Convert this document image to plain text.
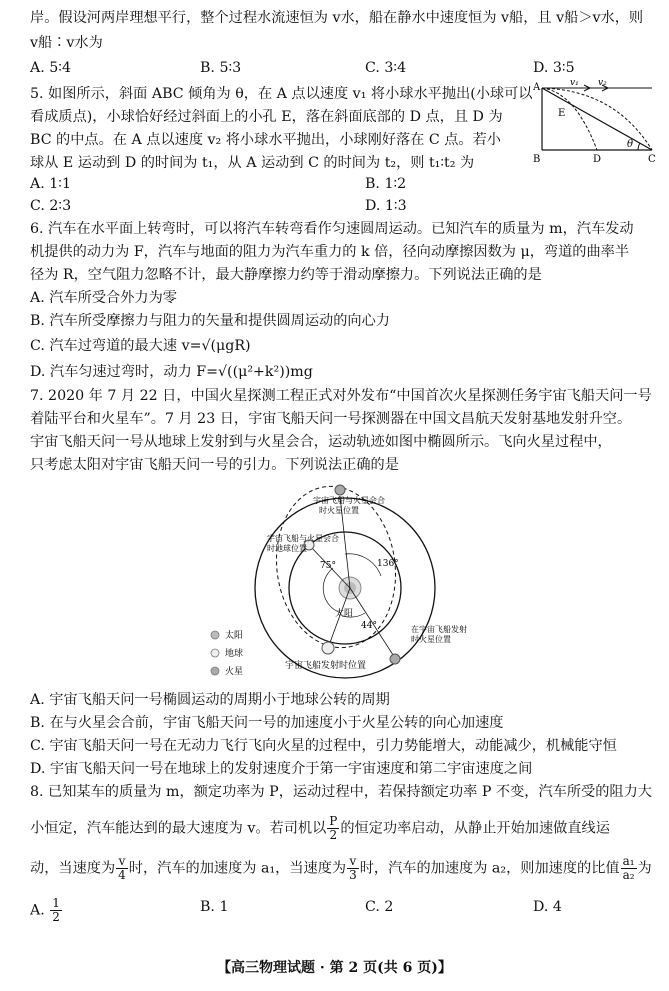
岸。假设河两岸理想平行，整个过程水流速恒为 v水，船在静水中速度恒为 v船，且 v船＞v水，则
v船∶v水为
A. 5∶4	B. 5∶3	C. 3∶4	D. 3∶5
5. 如图所示，斜面 ABC 倾角为 θ，在 A 点以速度 v₁ 将小球水平抛出(小球可以
看成质点)，小球恰好经过斜面上的小孔 E，落在斜面底部的 D 点，且 D 为
BC 的中点。在 A 点以速度 v₂ 将小球水平抛出，小球刚好落在 C 点。若小
球从 E 运动到 D 的时间为 t₁，从 A 运动到 C 的时间为 t₂，则 t₁∶t₂ 为
A. 1∶1	B. 1∶2
C. 2∶3	D. 1∶3
A
B	C
D
E
v₁ v₂
θ
6. 汽车在水平面上转弯时，可以将汽车转弯看作匀速圆周运动。已知汽车的质量为 m，汽车发动
机提供的动力为 F，汽车与地面的阻力为汽车重力的 k 倍，径向动摩擦因数为 μ，弯道的曲率半
径为 R，空气阻力忽略不计，最大静摩擦力约等于滑动摩擦力。下列说法正确的是
A. 汽车所受合外力为零
B. 汽车所受摩擦力与阻力的矢量和提供圆周运动的向心力
C. 汽车过弯道的最大速 v=√(μgR)
D. 汽车匀速过弯时，动力 F=√((μ²+k²))mg
7. 2020 年 7 月 22 日，中国火星探测工程正式对外发布“中国首次火星探测任务宇宙飞船天问一号
着陆平台和火星车”。7 月 23 日，宇宙飞船天问一号探测器在中国文昌航天发射基地发射升空。
宇宙飞船天问一号从地球上发射到与火星会合，运动轨迹如图中椭圆所示。飞向火星过程中，
只考虑太阳对宇宙飞船天问一号的引力。下列说法正确的是
太阳
75°	136°
44°
宇宙飞船与火星会合
时火星位置
宇宙飞船与火星会合
时地球位置
在宇宙飞船发射
时火星位置
宇宙飞船发射时位置
太阳
地球
火星
A. 宇宙飞船天问一号椭圆运动的周期小于地球公转的周期
B. 在与火星会合前，宇宙飞船天问一号的加速度小于火星公转的向心加速度
C. 宇宙飞船天问一号在无动力飞行飞向火星的过程中，引力势能增大，动能减少，机械能守恒
D. 宇宙飞船天问一号在地球上的发射速度介于第一宇宙速度和第二宇宙速度之间
8. 已知某车的质量为 m，额定功率为 P，运动过程中，若保持额定功率 P 不变，汽车所受的阻力大
小恒定，汽车能达到的最大速度为 v。若司机以 $\frac{P}{2}$ 的恒定功率启动，从静止开始加速做直线运
动，当速度为 $\frac{v}{4}$ 时，汽车的加速度为 a₁，当速度为 $\frac{v}{3}$ 时，汽车的加速度为 a₂，则加速度的比值 $\frac{\text{a₁}}{\text{a₂}}$ 为
A. $\frac{1}{2}$	B. 1	C. 2	D. 4
【高三物理试题 · 第 2 页(共 6 页)】
